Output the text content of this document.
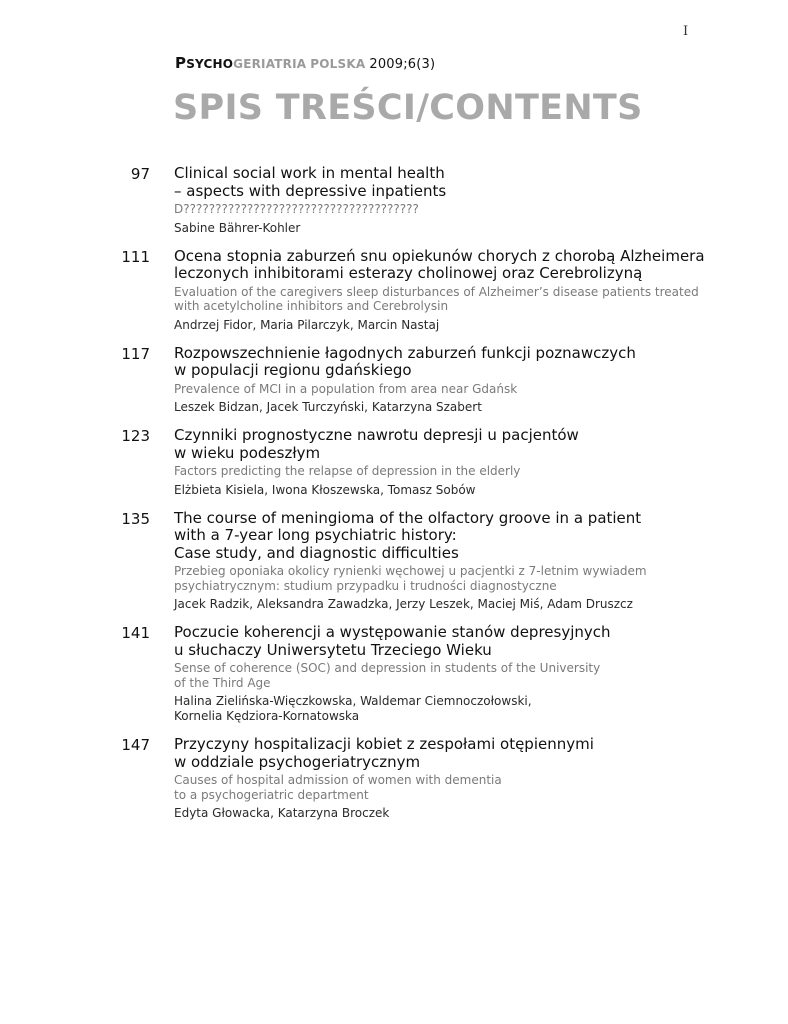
I
PSYCHOGERIATRIA POLSKA 2009;6(3)
SPIS TREŚCI/CONTENTS
97 Clinical social work in mental health
– aspects with depressive inpatients
D?????????????????????????????????????
Sabine Bährer-Kohler
111 Ocena stopnia zaburzeń snu opiekunów chorych z chorobą Alzheimera
leczonych inhibitorami esterazy cholinowej oraz Cerebrolizyną
Evaluation of the caregivers sleep disturbances of Alzheimer’s disease patients treated
with acetylcholine inhibitors and Cerebrolysin
Andrzej Fidor, Maria Pilarczyk, Marcin Nastaj
117 Rozpowszechnienie łagodnych zaburzeń funkcji poznawczych
w populacji regionu gdańskiego
Prevalence of MCI in a population from area near Gdańsk
Leszek Bidzan, Jacek Turczyński, Katarzyna Szabert
123 Czynniki prognostyczne nawrotu depresji u pacjentów
w wieku podeszłym
Factors predicting the relapse of depression in the elderly
Elżbieta Kisiela, Iwona Kłoszewska, Tomasz Sobów
135 The course of meningioma of the olfactory groove in a patient
with a 7-year long psychiatric history:
Case study, and diagnostic difficulties
Przebieg oponiaka okolicy rynienki węchowej u pacjentki z 7-letnim wywiadem
psychiatrycznym: studium przypadku i trudności diagnostyczne
Jacek Radzik, Aleksandra Zawadzka, Jerzy Leszek, Maciej Miś, Adam Druszcz
141 Poczucie koherencji a występowanie stanów depresyjnych
u słuchaczy Uniwersytetu Trzeciego Wieku
Sense of coherence (SOC) and depression in students of the University
of the Third Age
Halina Zielińska-Więczkowska, Waldemar Ciemnoczołowski,
Kornelia Kędziora-Kornatowska
147 Przyczyny hospitalizacji kobiet z zespołami otępiennymi
w oddziale psychogeriatrycznym
Causes of hospital admission of women with dementia
to a psychogeriatric department
Edyta Głowacka, Katarzyna Broczek
